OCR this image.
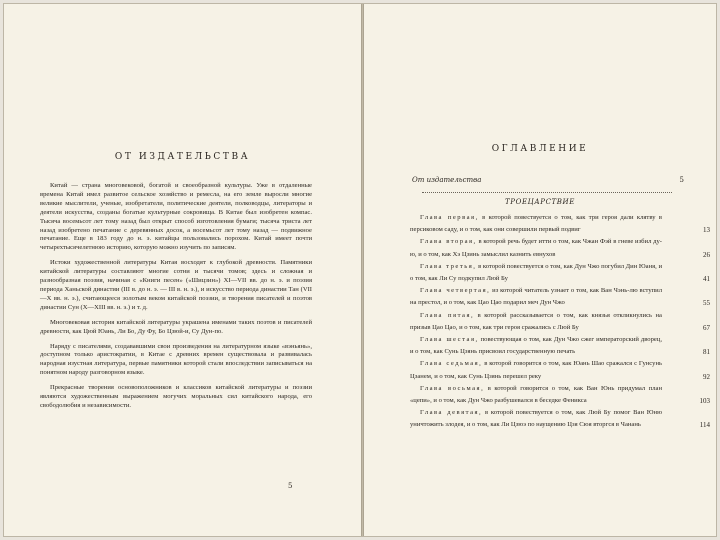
ОТ ИЗДАТЕЛЬСТВА

Китай — страна многовековой, богатой и своеобразной культуры. Уже в отдаленные времена Китай имел развитое сельское хозяйство и ремесла, на его земле выросли многие великие мыслители, ученые, изобретатели, политические деятели, полководцы, литераторы и деятели искусства, созданы богатые культурные сокровища. В Китае был изобретен компас. Тысяча восемьсот лет тому назад был открыт способ изготовления бумаги; тысяча триста лет назад изобретено печатание с деревянных досок, а восемьсот лет тому назад — подвижное печатание. Еще в 183 году до н. э. китайцы пользовались порохом. Китай имеет почти четырехтысячелетнюю историю, которую можно изучить по записям.

Истоки художественной литературы Китая восходят к глубокой древности. Памятники китайской литературы составляют многие сотни и тысячи томов; здесь и сложная и разнообразная поэзия, начиная с «Книги песен» («Шицзин») XI—VII вв. до н. э. и поэзия периода Ханьской династии (III в. до н. э. — III в. н. э.), и искусство периода династии Тан (VII—X вв. н. э.), считающееся золотым веком китайской поэзии, и творения писателей и поэтов династии Сун (X—XIII вв. н. э.) и т. д.

Многовековая история китайской литературы украшена именами таких поэтов и писателей древности, как Цюй Юань, Ли Бо, Ду Фу, Бо Цзюй-и, Су Дун-по.

Наряду с писателями, создававшими свои произведения на литературном языке «вэньянь», доступном только аристократии, в Китае с древних времен существовала и развивалась народная изустная литература, первые памятники которой стали впоследствии записываться на понятном народу разговорном языке.

Прекрасные творения основоположников и классиков китайской литературы и поэзии являются художественным выражением могучих моральных сил китайского народа, его свободолюбия и независимости.

5
ОГЛАВЛЕНИЕ
От издательства	5
ТРОЕЦАРСТВИЕ
Глава первая, в которой повествуется о том, как три героя дали клятву в персиковом саду, и о том, как они совершили первый подвиг	13
Глава вторая, в которой речь будет итти о том, как Чжан Фэй в гневе избил ду-ю, и о том, как Хэ Цзинь замыслил казнить евнухов	26
Глава третья, в которой повествуется о том, как Дун Чжо погубил Дин Юаня, и о том, как Ли Су подкупил Люй Бу	41
Глава четвертая, из которой читатель узнает о том, как Ван Чэнь-лю вступил на престол, и о том, как Цао Цао подарил меч Дун Чжо	55
Глава пятая, в которой рассказывается о том, как князья откликнулись на призыв Цао Цао, и о том, как три героя сражались с Люй Бу	67
Глава шестая, повествующая о том, как Дун Чжо сжег императорский дворец, и о том, как Сунь Цзянь присвоил государственную печать	81
Глава седьмая, в которой говорится о том, как Юань Шао сражался с Гунсунь Цзанем, и о том, как Сунь Цзянь перешел реку	92
Глава восьмая, в которой говорится о том, как Ван Юнь придумал план «цепи», и о том, как Дун Чжо разбушевался в беседке Феникса	103
Глава девятая, в которой повествуется о том, как Люй Бу помог Ван Юню уничтожить злодея, и о том, как Ли Цзюэ по наущению Цзя Сюя вторгся в Чанань	114
